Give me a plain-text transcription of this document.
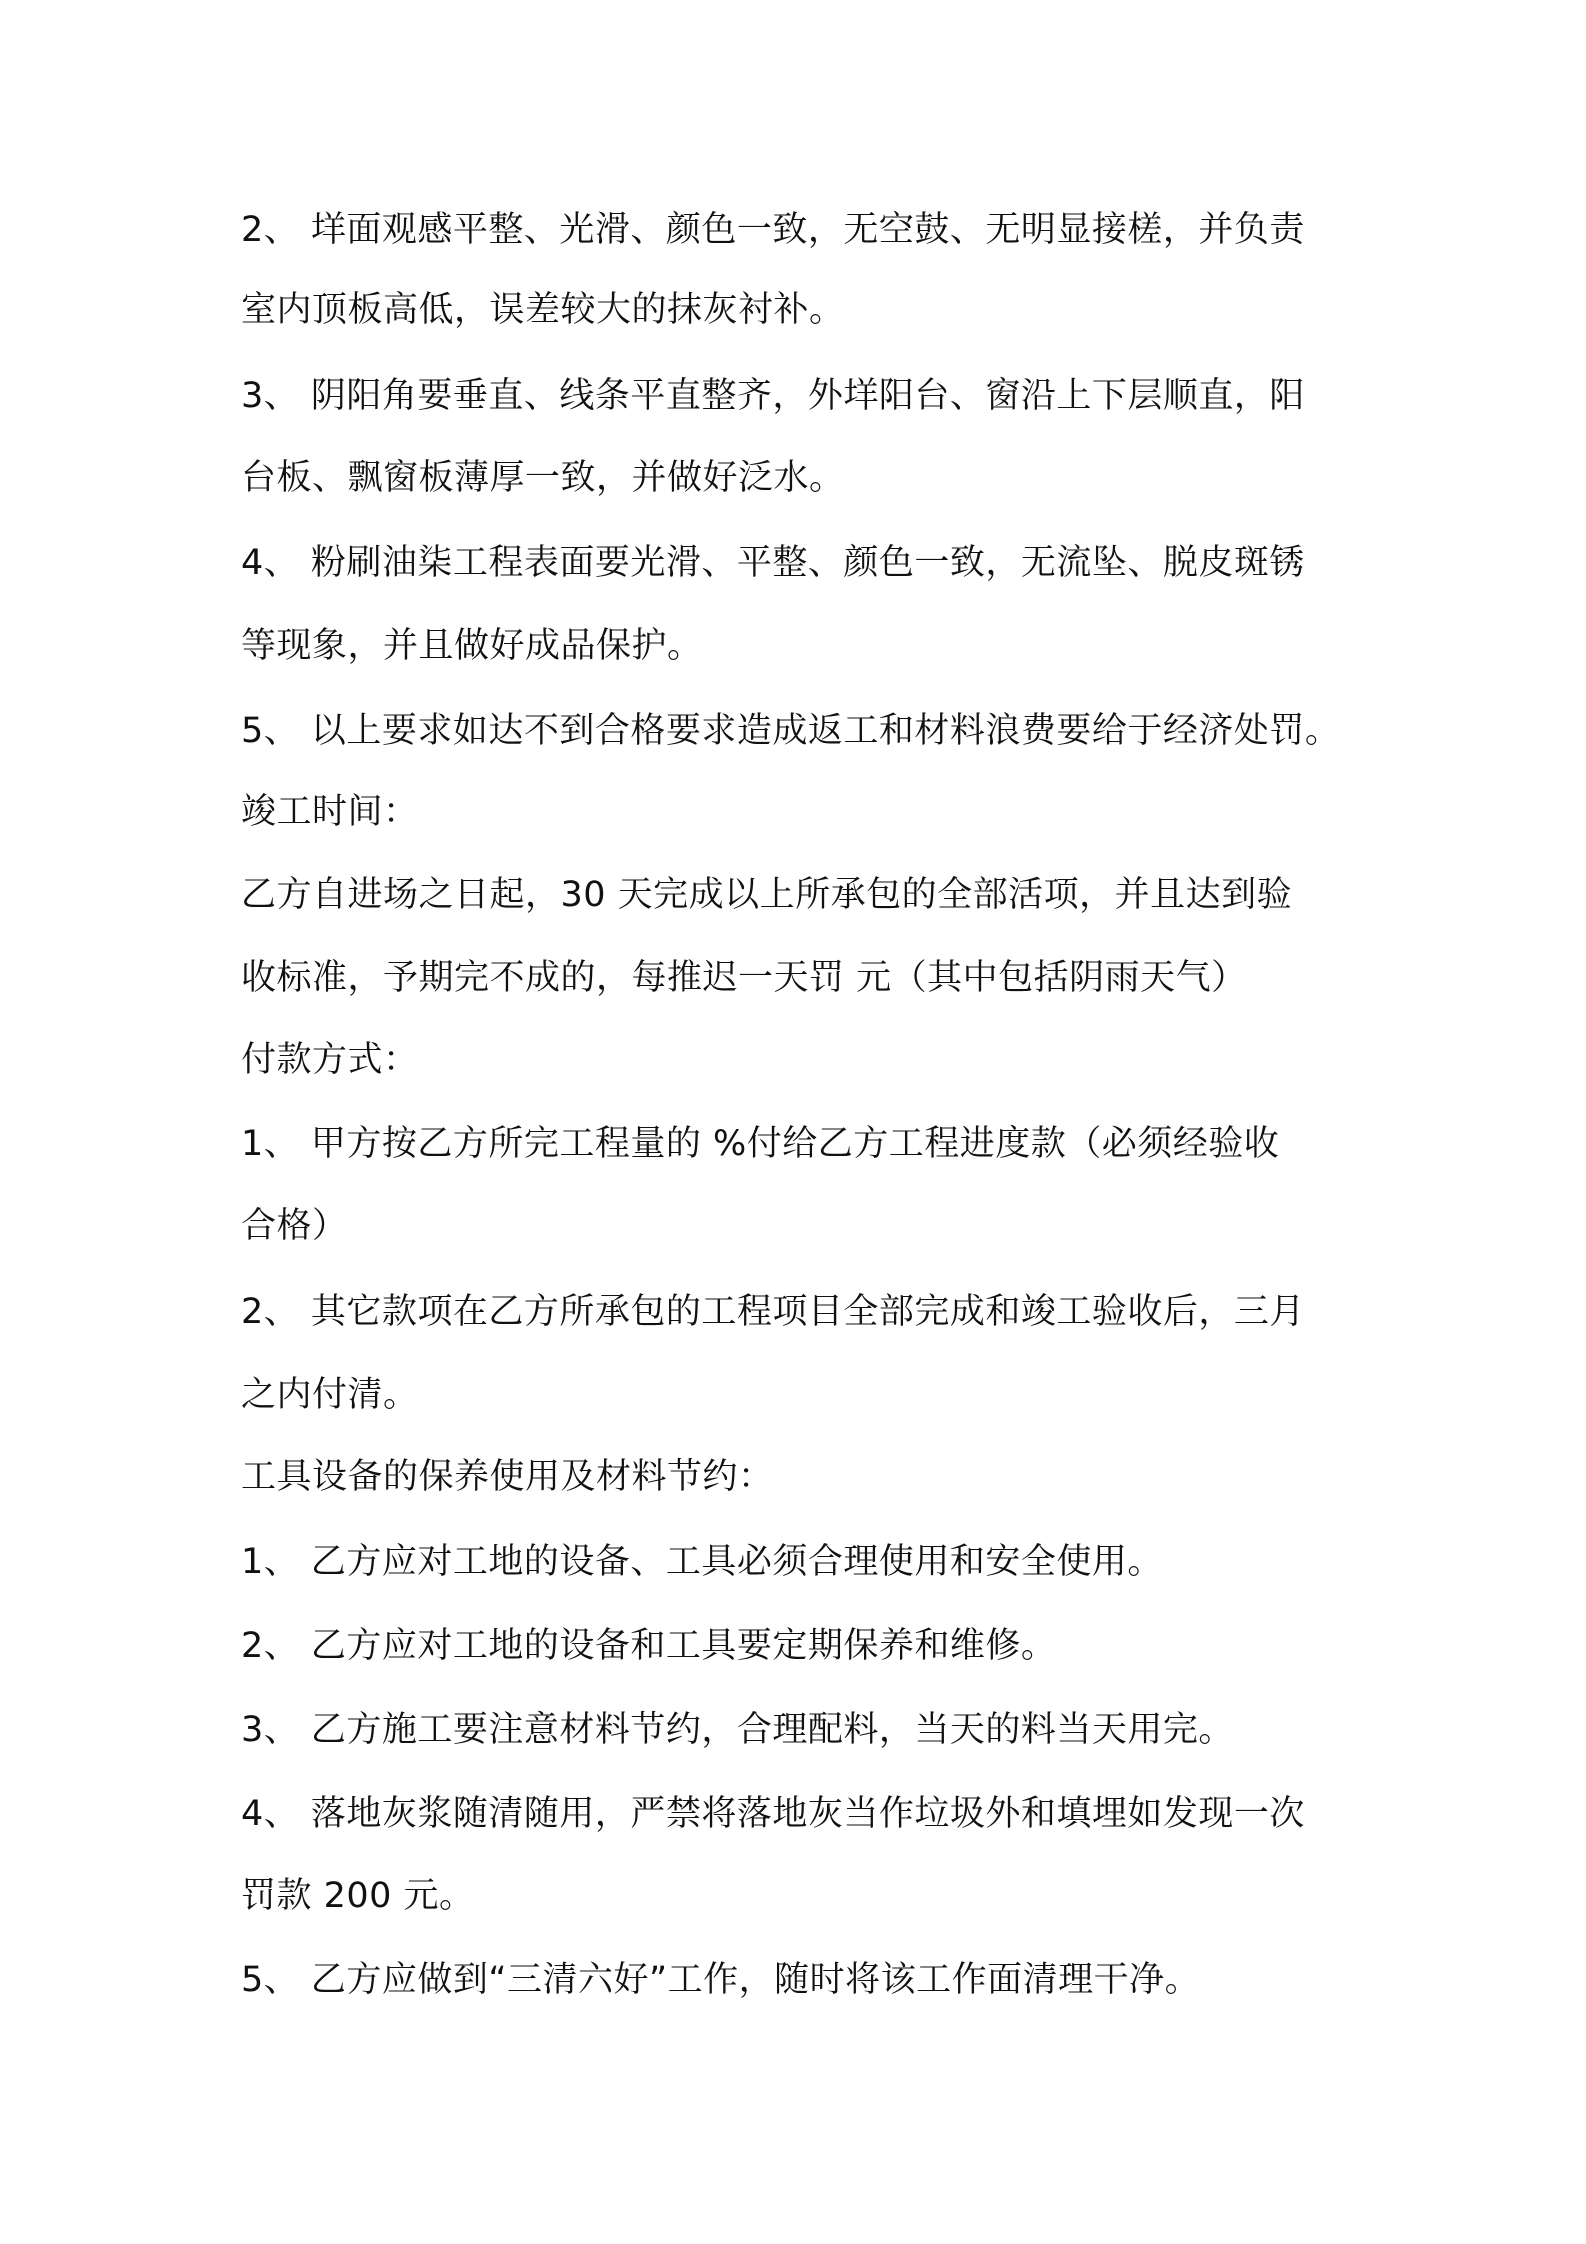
2、 垟面观感平整、光滑、颜色一致，无空鼓、无明显接槎，并负责
室内顶板高低，误差较大的抹灰衬补。
3、 阴阳角要垂直、线条平直整齐，外垟阳台、窗沿上下层顺直，阳
台板、飘窗板薄厚一致，并做好泛水。
4、 粉刷油柒工程表面要光滑、平整、颜色一致，无流坠、脱皮斑锈
等现象，并且做好成品保护。
5、 以上要求如达不到合格要求造成返工和材料浪费要给于经济处罚。
竣工时间：
乙方自进场之日起，30 天完成以上所承包的全部活项，并且达到验
收标准，予期完不成的，每推迟一天罚 元（其中包括阴雨天气）
付款方式：
1、 甲方按乙方所完工程量的 %付给乙方工程进度款（必须经验收
合格）
2、 其它款项在乙方所承包的工程项目全部完成和竣工验收后，三月
之内付清。
工具设备的保养使用及材料节约：
1、 乙方应对工地的设备、工具必须合理使用和安全使用。
2、 乙方应对工地的设备和工具要定期保养和维修。
3、 乙方施工要注意材料节约，合理配料，当天的料当天用完。
4、 落地灰浆随清随用，严禁将落地灰当作垃圾外和填埋如发现一次
罚款 200 元。
5、 乙方应做到“三清六好”工作，随时将该工作面清理干净。
